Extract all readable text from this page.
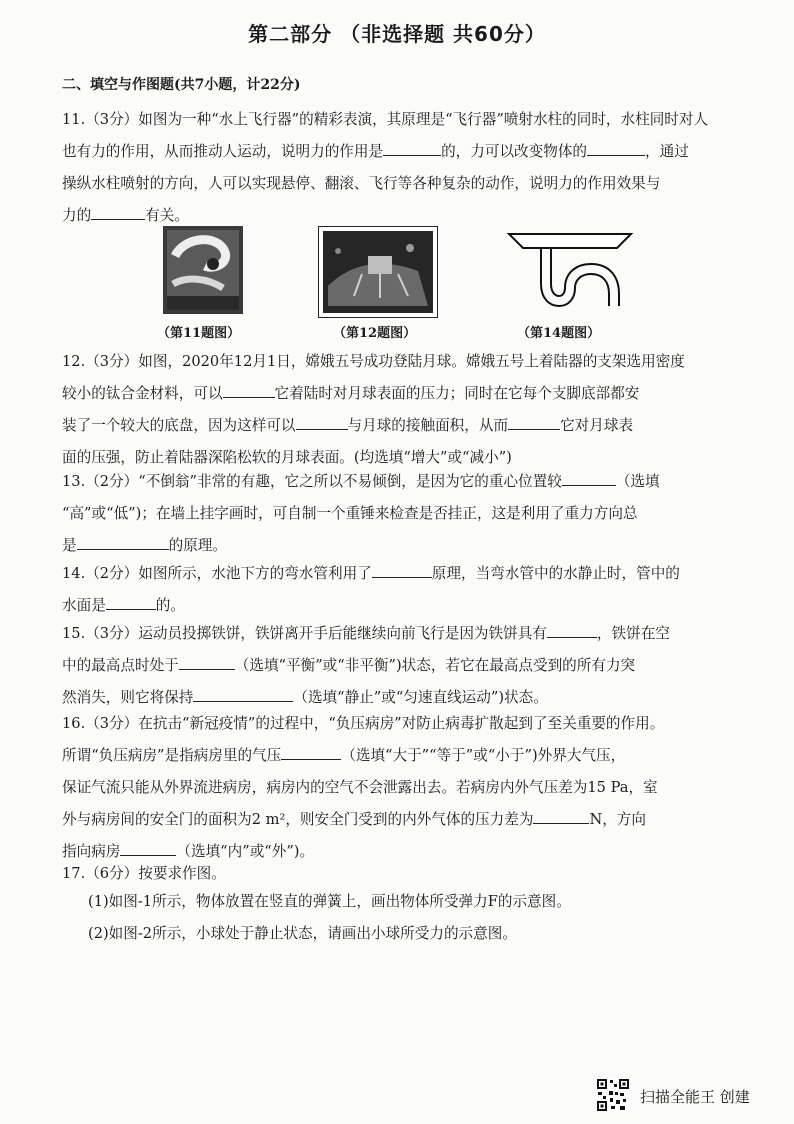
第二部分 （非选择题 共60分）
二、填空与作图题(共7小题，计22分)
11.（3分）如图为一种“水上飞行器”的精彩表演，其原理是“飞行器”喷射水柱的同时，水柱同时对人
也有力的作用，从而推动人运动，说明力的作用是	的，力可以改变物体的	，通过
操纵水柱喷射的方向，人可以实现悬停、翻滚、飞行等各种复杂的动作，说明力的作用效果与
力的	有关。
（第11题图）	（第12题图）	（第14题图）
12.（3分）如图，2020年12月1日，嫦娥五号成功登陆月球。嫦娥五号上着陆器的支架选用密度
较小的钛合金材料，可以	它着陆时对月球表面的压力；同时在它每个支脚底部都安
装了一个较大的底盘，因为这样可以	与月球的接触面积，从而	它对月球表
面的压强，防止着陆器深陷松软的月球表面。(均选填“增大”或“减小”)
13.（2分）“不倒翁”非常的有趣，它之所以不易倾倒，是因为它的重心位置较	（选填
“高”或“低”)；在墙上挂字画时，可自制一个重锤来检查是否挂正，这是利用了重力方向总
是	的原理。
14.（2分）如图所示，水池下方的弯水管利用了	原理，当弯水管中的水静止时，管中的
水面是	的。
15.（3分）运动员投掷铁饼，铁饼离开手后能继续向前飞行是因为铁饼具有	，铁饼在空
中的最高点时处于	（选填“平衡”或“非平衡”)状态，若它在最高点受到的所有力突
然消失，则它将保持	（选填“静止”或“匀速直线运动”)状态。
16.（3分）在抗击“新冠疫情”的过程中，“负压病房”对防止病毒扩散起到了至关重要的作用。
所谓“负压病房”是指病房里的气压	（选填“大于”“等于”或“小于”)外界大气压，
保证气流只能从外界流进病房，病房内的空气不会泄露出去。若病房内外气压差为15 Pa，室
外与病房间的安全门的面积为2 m²，则安全门受到的内外气体的压力差为	N，方向
指向病房	（选填“内”或“外”)。
17.（6分）按要求作图。
(1)如图-1所示，物体放置在竖直的弹簧上，画出物体所受弹力F的示意图。
(2)如图-2所示，小球处于静止状态，请画出小球所受力的示意图。
扫描全能王 创建
